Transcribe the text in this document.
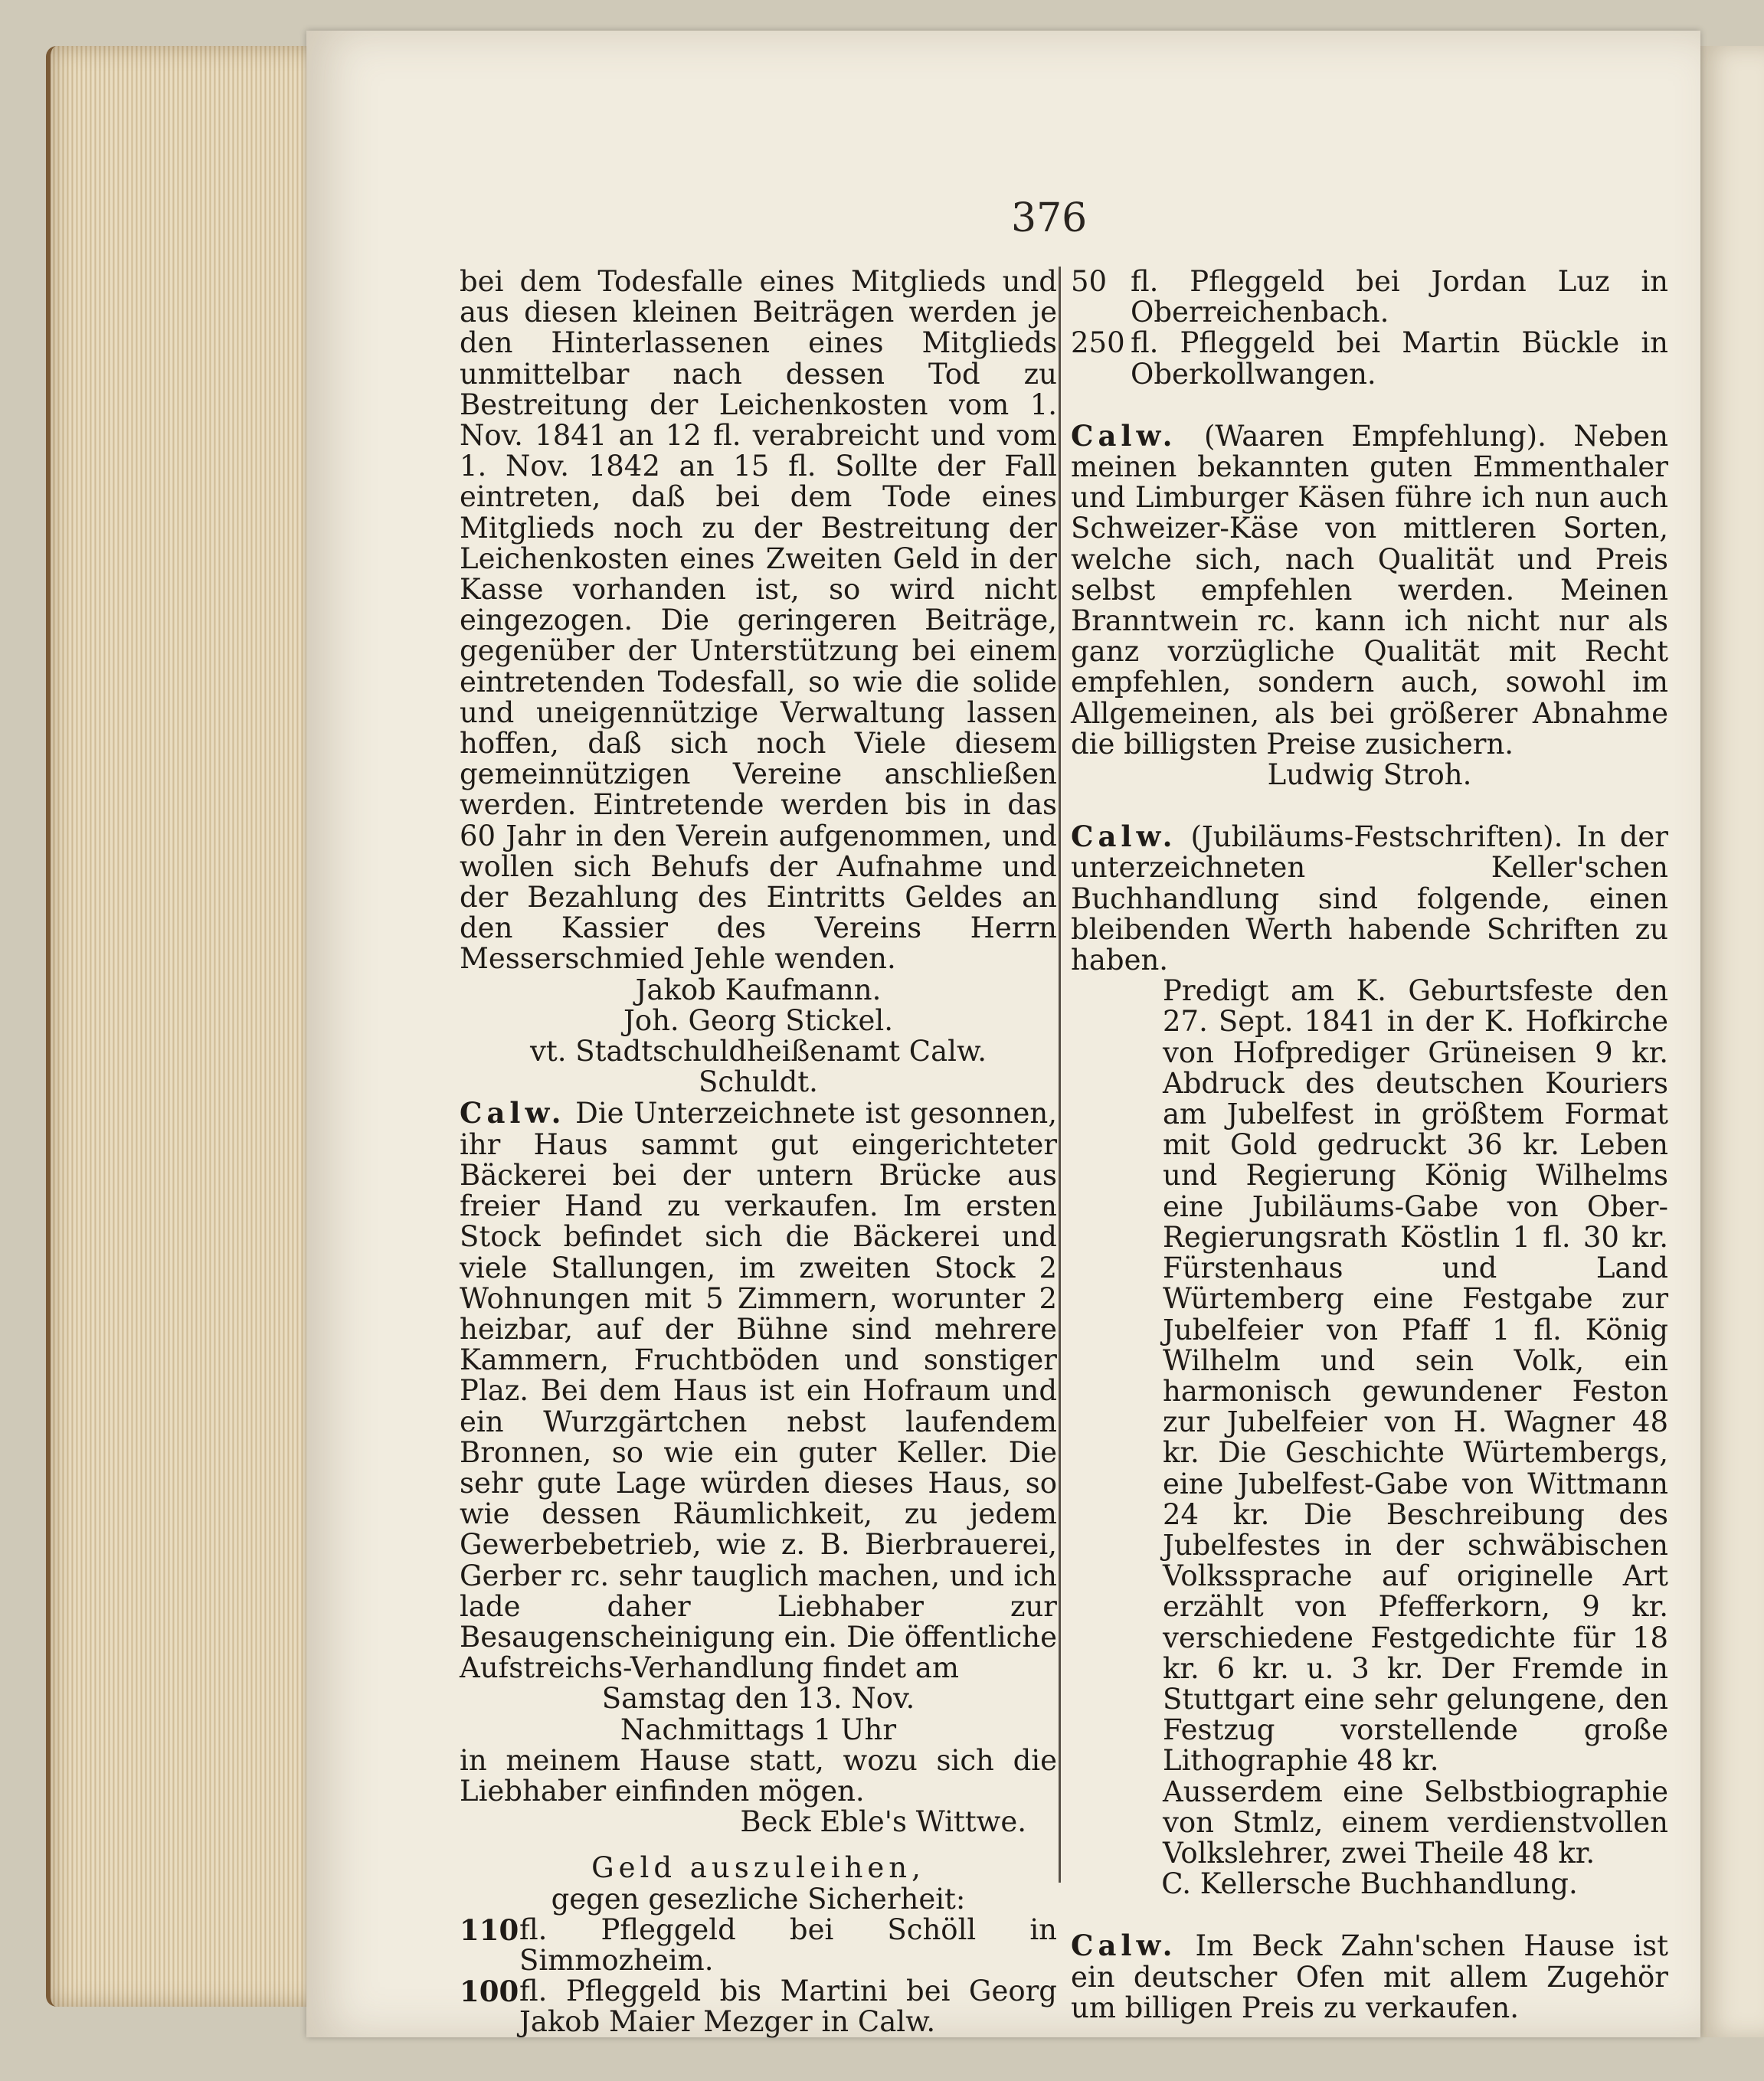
376

bei dem Todesfalle eines Mitglieds und aus diesen kleinen Beiträgen werden je den Hinterlassenen eines Mitglieds unmittelbar nach dessen Tod zu Bestreitung der Leichenkosten vom 1. Nov. 1841 an 12 fl. verabreicht und vom 1. Nov. 1842 an 15 fl. Sollte der Fall eintreten, daß bei dem Tode eines Mitglieds noch zu der Bestreitung der Leichenkosten eines Zweiten Geld in der Kasse vorhanden ist, so wird nicht eingezogen. Die geringeren Beiträge, gegenüber der Unterstützung bei einem eintretenden Todesfall, so wie die solide und uneigennützige Verwaltung lassen hoffen, daß sich noch Viele diesem gemeinnützigen Vereine anschließen werden. Eintretende werden bis in das 60 Jahr in den Verein aufgenommen, und wollen sich Behufs der Aufnahme und der Bezahlung des Eintritts Geldes an den Kassier des Vereins Herrn Messerschmied Jehle wenden.

Jakob Kaufmann.

Joh. Georg Stickel.

vt. Stadtschuldheißenamt Calw.

Schuldt.

Calw. Die Unterzeichnete ist gesonnen, ihr Haus sammt gut eingerichteter Bäckerei bei der untern Brücke aus freier Hand zu verkaufen. Im ersten Stock befindet sich die Bäckerei und viele Stallungen, im zweiten Stock 2 Wohnungen mit 5 Zimmern, worunter 2 heizbar, auf der Bühne sind mehrere Kammern, Fruchtböden und sonstiger Plaz. Bei dem Haus ist ein Hofraum und ein Wurzgärtchen nebst laufendem Bronnen, so wie ein guter Keller. Die sehr gute Lage würden dieses Haus, so wie dessen Räumlichkeit, zu jedem Gewerbebetrieb, wie z. B. Bierbrauerei, Gerber rc. sehr tauglich machen, und ich lade daher Liebhaber zur Besaugenscheinigung ein. Die öffentliche Aufstreichs-Verhandlung findet am

Samstag den 13. Nov.

Nachmittags 1 Uhr

in meinem Hause statt, wozu sich die Liebhaber einfinden mögen.

Beck Eble's Wittwe.

Geld auszuleihen,

gegen gesezliche Sicherheit:

110 fl. Pfleggeld bei Schöll in Simmozheim.
100 fl. Pfleggeld bis Martini bei Georg Jakob Maier Mezger in Calw.
50 fl. Pfleggeld bei Jordan Luz in Oberreichenbach.
250 fl. Pfleggeld bei Martin Bückle in Oberkollwangen.

Calw. (Waaren Empfehlung). Neben meinen bekannten guten Emmenthaler und Limburger Käsen führe ich nun auch Schweizer-Käse von mittleren Sorten, welche sich, nach Qualität und Preis selbst empfehlen werden. Meinen Branntwein rc. kann ich nicht nur als ganz vorzügliche Qualität mit Recht empfehlen, sondern auch, sowohl im Allgemeinen, als bei größerer Abnahme die billigsten Preise zusichern.

Ludwig Stroh.

Calw. (Jubiläums-Festschriften). In der unterzeichneten Keller'schen Buchhandlung sind folgende, einen bleibenden Werth habende Schriften zu haben.

Predigt am K. Geburtsfeste den 27. Sept. 1841 in der K. Hofkirche von Hofprediger Grüneisen 9 kr. Abdruck des deutschen Kouriers am Jubelfest in größtem Format mit Gold gedruckt 36 kr. Leben und Regierung König Wilhelms eine Jubiläums-Gabe von Ober-Regierungsrath Köstlin 1 fl. 30 kr. Fürstenhaus und Land Würtemberg eine Festgabe zur Jubelfeier von Pfaff 1 fl. König Wilhelm und sein Volk, ein harmonisch gewundener Feston zur Jubelfeier von H. Wagner 48 kr. Die Geschichte Würtembergs, eine Jubelfest-Gabe von Wittmann 24 kr. Die Beschreibung des Jubelfestes in der schwäbischen Volkssprache auf originelle Art erzählt von Pfefferkorn, 9 kr. verschiedene Festgedichte für 18 kr. 6 kr. u. 3 kr. Der Fremde in Stuttgart eine sehr gelungene, den Festzug vorstellende große Lithographie 48 kr.

Ausserdem eine Selbstbiographie von Stmlz, einem verdienstvollen Volkslehrer, zwei Theile 48 kr.

C. Kellersche Buchhandlung.

Calw. Im Beck Zahn'schen Hause ist ein deutscher Ofen mit allem Zugehör um billigen Preis zu verkaufen.
